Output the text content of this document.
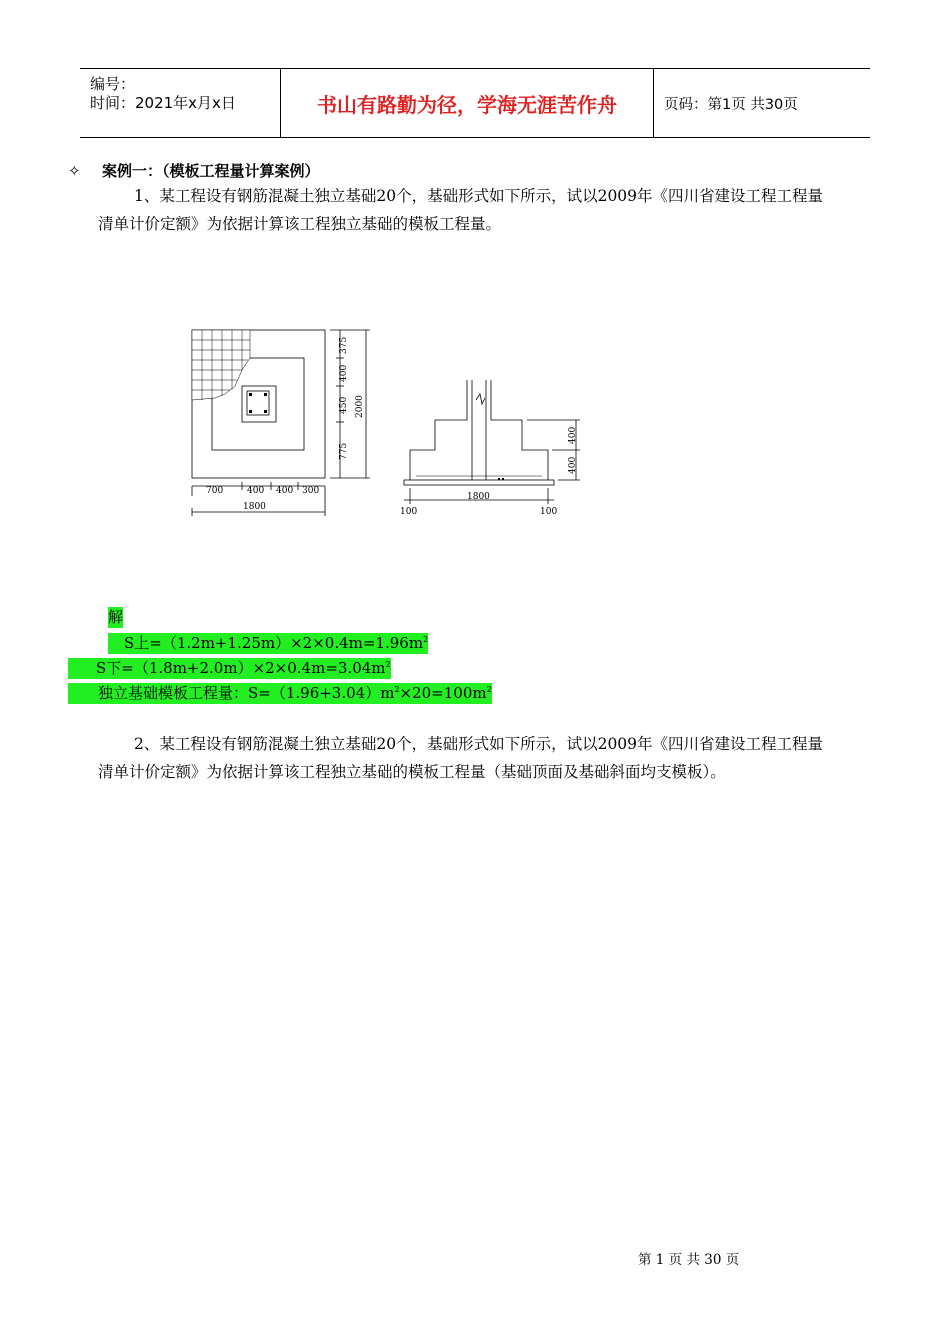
编号：
时间：2021年x月x日	书山有路勤为径，学海无涯苦作舟	页码：第1页 共30页
✧ 案例一：（模板工程量计算案例）
1、某工程设有钢筋混凝土独立基础20个，基础形式如下所示，试以2009年《四川省建设工程工程量
清单计价定额》为依据计算该工程独立基础的模板工程量。
700	400 400 300
1800
375
400
450
775
2000
400
400
1800
100	100
解
S上$=(1.2m+1.25m)\times 2\times 0.4m=1.96m^2$
S下$=(1.8m+2.0m)\times 2\times 0.4m=3.04m^2$
独立基础模板工程量：$S=(1.96+3.04)m^2\times 20=100m^2$
2、某工程设有钢筋混凝土独立基础20个，基础形式如下所示，试以2009年《四川省建设工程工程量
清单计价定额》为依据计算该工程独立基础的模板工程量（基础顶面及基础斜面均支模板）。
第 1 页 共 30 页
